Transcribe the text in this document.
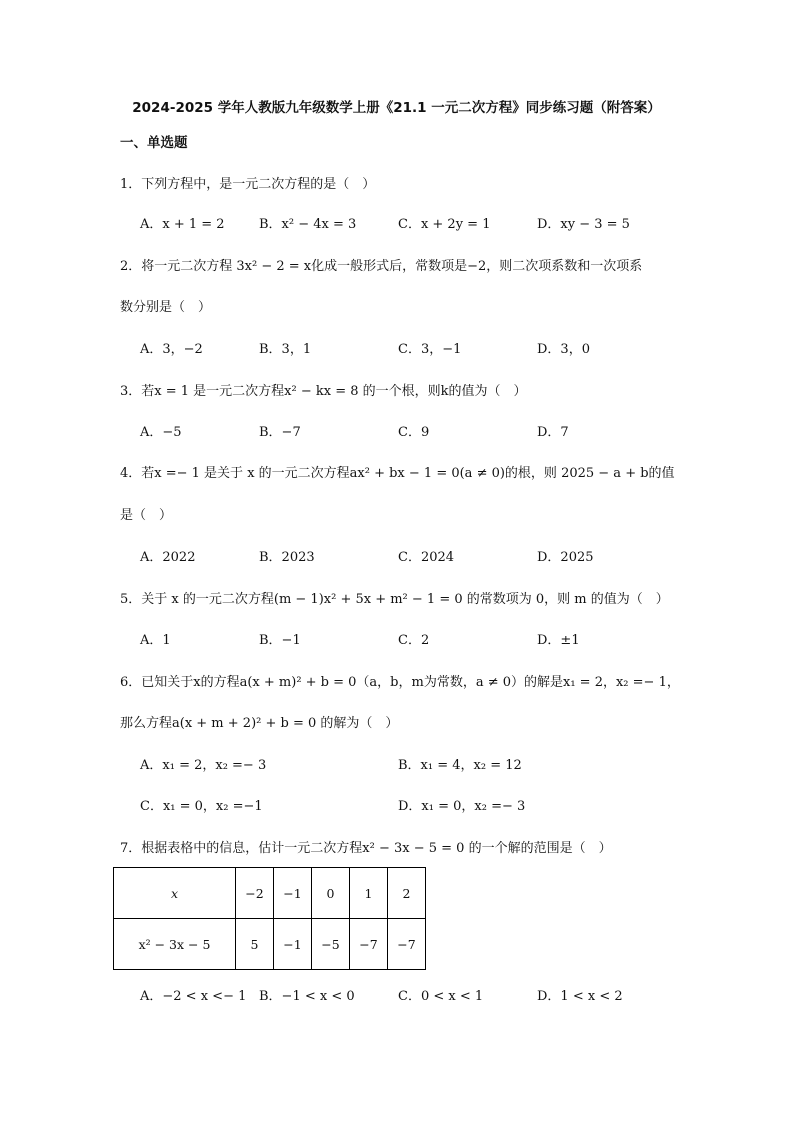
2024-2025 学年人教版九年级数学上册《21.1 一元二次方程》同步练习题（附答案）
一、单选题
1．下列方程中，是一元二次方程的是（　）
A．x + 1 = 2	B．x² − 4x = 3	C．x + 2y = 1	D．xy − 3 = 5
2．将一元二次方程 3x² − 2 = x化成一般形式后，常数项是−2，则二次项系数和一次项系
数分别是（　）
A．3，−2	B．3，1	C．3，−1	D．3，0
3．若x = 1 是一元二次方程x² − kx = 8 的一个根，则k的值为（　）
A．−5	B．−7	C．9	D．7
4．若x =− 1 是关于 x 的一元二次方程ax² + bx − 1 = 0(a ≠ 0)的根，则 2025 − a + b的值
是（　）
A．2022	B．2023	C．2024	D．2025
5．关于 x 的一元二次方程(m − 1)x² + 5x + m² − 1 = 0 的常数项为 0，则 m 的值为（　）
A．1	B．−1	C．2	D．±1
6．已知关于x的方程a(x + m)² + b = 0（a，b，m为常数，a ≠ 0）的解是x₁ = 2，x₂ =− 1，
那么方程a(x + m + 2)² + b = 0 的解为（　）
A．x₁ = 2，x₂ =− 3	B．x₁ = 4，x₂ = 12
C．x₁ = 0，x₂ =−1	D．x₁ = 0，x₂ =− 3
7．根据表格中的信息，估计一元二次方程x² − 3x − 5 = 0 的一个解的范围是（　）
x	−2	−1	0	1	2
x² − 3x − 5	5	−1	−5	−7	−7
A．−2 < x <− 1 B．−1 < x < 0	C．0 < x < 1	D．1 < x < 2
